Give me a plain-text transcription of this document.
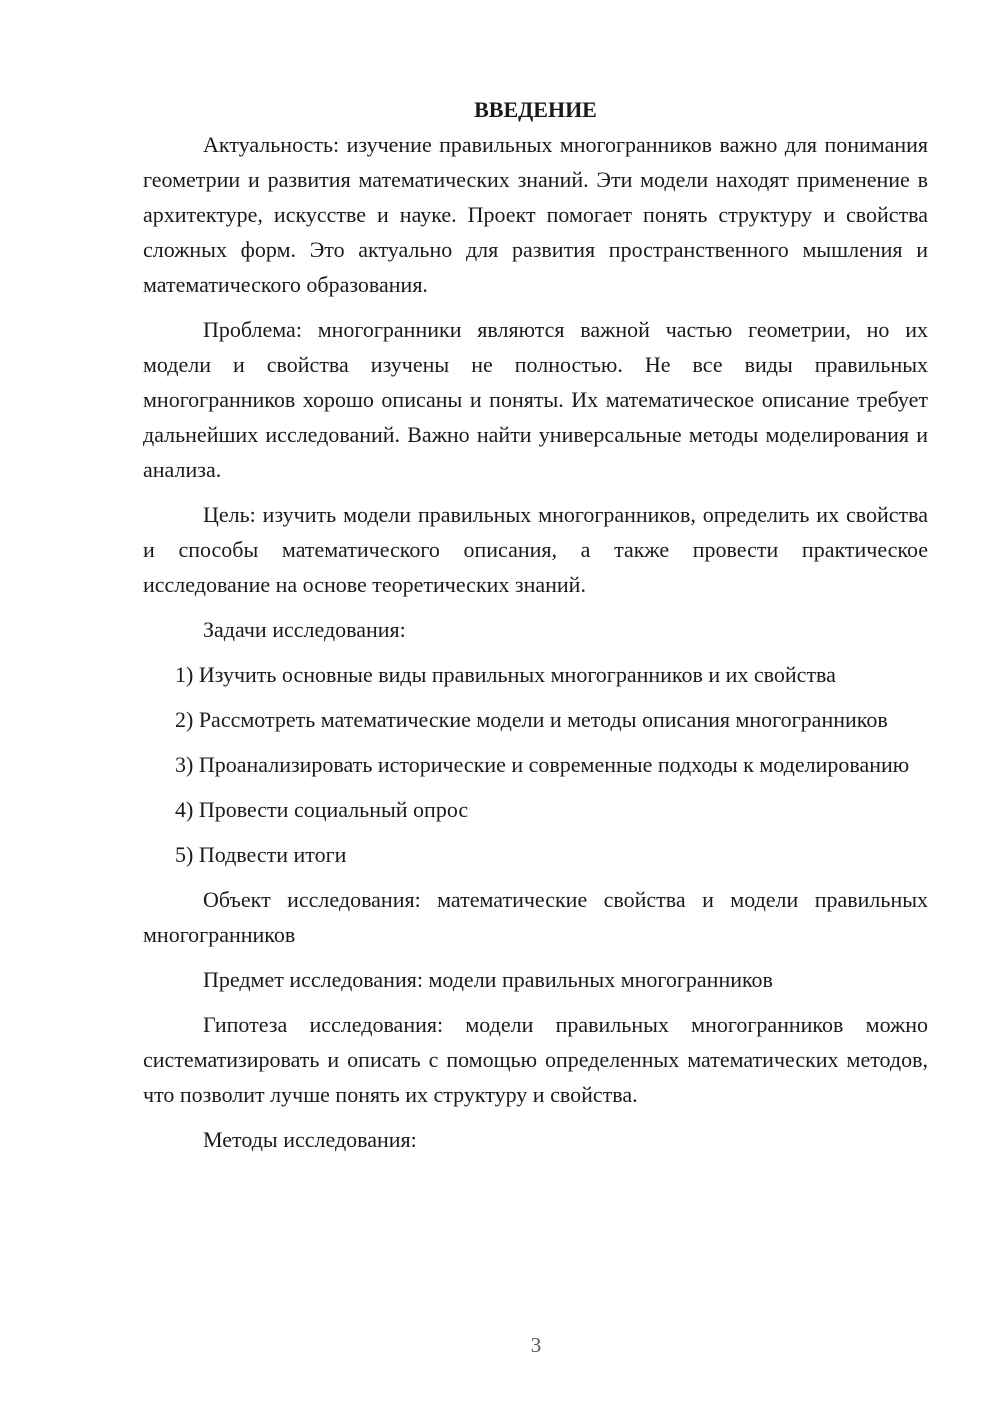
ВВЕДЕНИЕ

Актуальность: изучение правильных многогранников важно для понимания геометрии и развития математических знаний. Эти модели находят применение в архитектуре, искусстве и науке. Проект помогает понять структуру и свойства сложных форм. Это актуально для развития пространственного мышления и математического образования.

Проблема: многогранники являются важной частью геометрии, но их модели и свойства изучены не полностью. Не все виды правильных многогранников хорошо описаны и поняты. Их математическое описание требует дальнейших исследований. Важно найти универсальные методы моделирования и анализа.

Цель: изучить модели правильных многогранников, определить их свойства и способы математического описания, а также провести практическое исследование на основе теоретических знаний.

Задачи исследования:

1) Изучить основные виды правильных многогранников и их свойства

2) Рассмотреть математические модели и методы описания многогранников

3) Проанализировать исторические и современные подходы к моделированию

4) Провести социальный опрос

5) Подвести итоги

Объект исследования: математические свойства и модели правильных многогранников

Предмет исследования: модели правильных многогранников

Гипотеза исследования: модели правильных многогранников можно систематизировать и описать с помощью определенных математических методов, что позволит лучше понять их структуру и свойства.

Методы исследования:

3
